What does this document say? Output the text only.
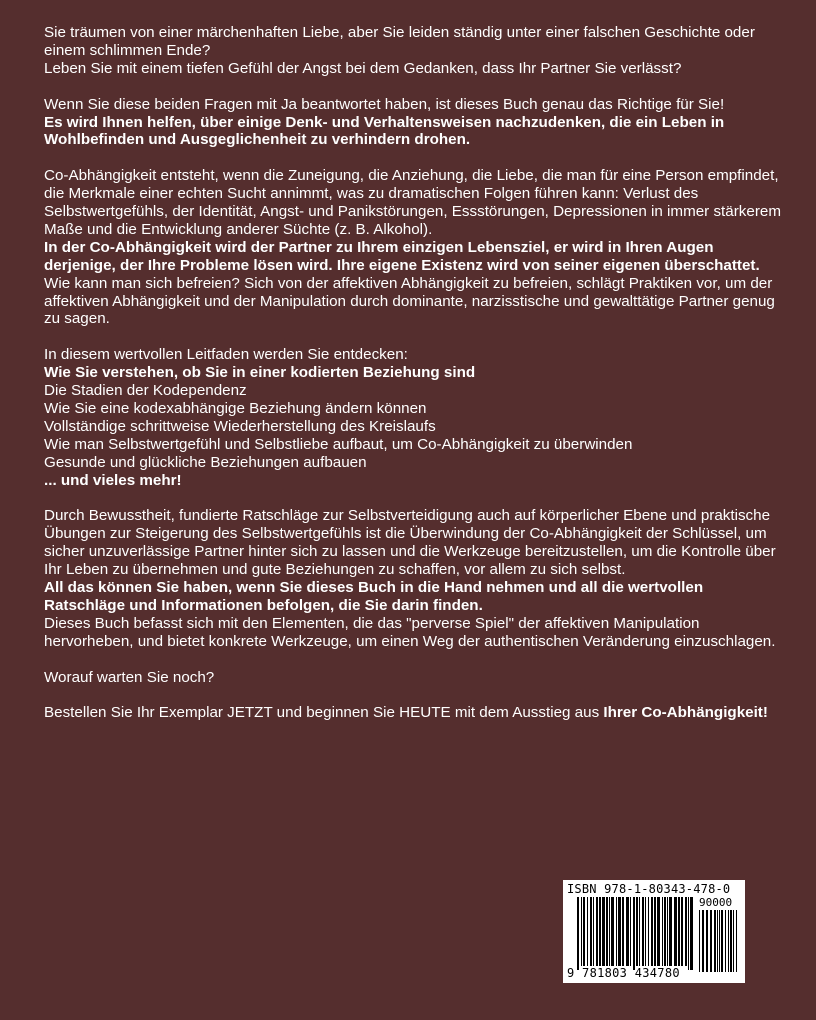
Sie träumen von einer märchenhaften Liebe, aber Sie leiden ständig unter einer falschen Geschichte oder einem schlimmen Ende?
Leben Sie mit einem tiefen Gefühl der Angst bei dem Gedanken, dass Ihr Partner Sie verlässt?

Wenn Sie diese beiden Fragen mit Ja beantwortet haben, ist dieses Buch genau das Richtige für Sie!
Es wird Ihnen helfen, über einige Denk- und Verhaltensweisen nachzudenken, die ein Leben in Wohlbefinden und Ausgeglichenheit zu verhindern drohen.

Co-Abhängigkeit entsteht, wenn die Zuneigung, die Anziehung, die Liebe, die man für eine Person empfindet, die Merkmale einer echten Sucht annimmt, was zu dramatischen Folgen führen kann: Verlust des Selbstwertgefühls, der Identität, Angst- und Panikstörungen, Essstörungen, Depressionen in immer stärkerem Maße und die Entwicklung anderer Süchte (z. B. Alkohol).
In der Co-Abhängigkeit wird der Partner zu Ihrem einzigen Lebensziel, er wird in Ihren Augen derjenige, der Ihre Probleme lösen wird. Ihre eigene Existenz wird von seiner eigenen überschattet.
Wie kann man sich befreien? Sich von der affektiven Abhängigkeit zu befreien, schlägt Praktiken vor, um der affektiven Abhängigkeit und der Manipulation durch dominante, narzisstische und gewalttätige Partner genug zu sagen.

In diesem wertvollen Leitfaden werden Sie entdecken:
Wie Sie verstehen, ob Sie in einer kodierten Beziehung sind
Die Stadien der Kodependenz
Wie Sie eine kodexabhängige Beziehung ändern können
Vollständige schrittweise Wiederherstellung des Kreislaufs
Wie man Selbstwertgefühl und Selbstliebe aufbaut, um Co-Abhängigkeit zu überwinden
Gesunde und glückliche Beziehungen aufbauen
... und vieles mehr!

Durch Bewusstheit, fundierte Ratschläge zur Selbstverteidigung auch auf körperlicher Ebene und praktische Übungen zur Steigerung des Selbstwertgefühls ist die Überwindung der Co-Abhängigkeit der Schlüssel, um sicher unzuverlässige Partner hinter sich zu lassen und die Werkzeuge bereitzustellen, um die Kontrolle über Ihr Leben zu übernehmen und gute Beziehungen zu schaffen, vor allem zu sich selbst.
All das können Sie haben, wenn Sie dieses Buch in die Hand nehmen und all die wertvollen Ratschläge und Informationen befolgen, die Sie darin finden.
Dieses Buch befasst sich mit den Elementen, die das "perverse Spiel" der affektiven Manipulation hervorheben, und bietet konkrete Werkzeuge, um einen Weg der authentischen Veränderung einzuschlagen.

Worauf warten Sie noch?

Bestellen Sie Ihr Exemplar JETZT und beginnen Sie HEUTE mit dem Ausstieg aus Ihrer Co-Abhängigkeit!

ISBN 978-1-80343-478-0
90000
9 781803 434780
